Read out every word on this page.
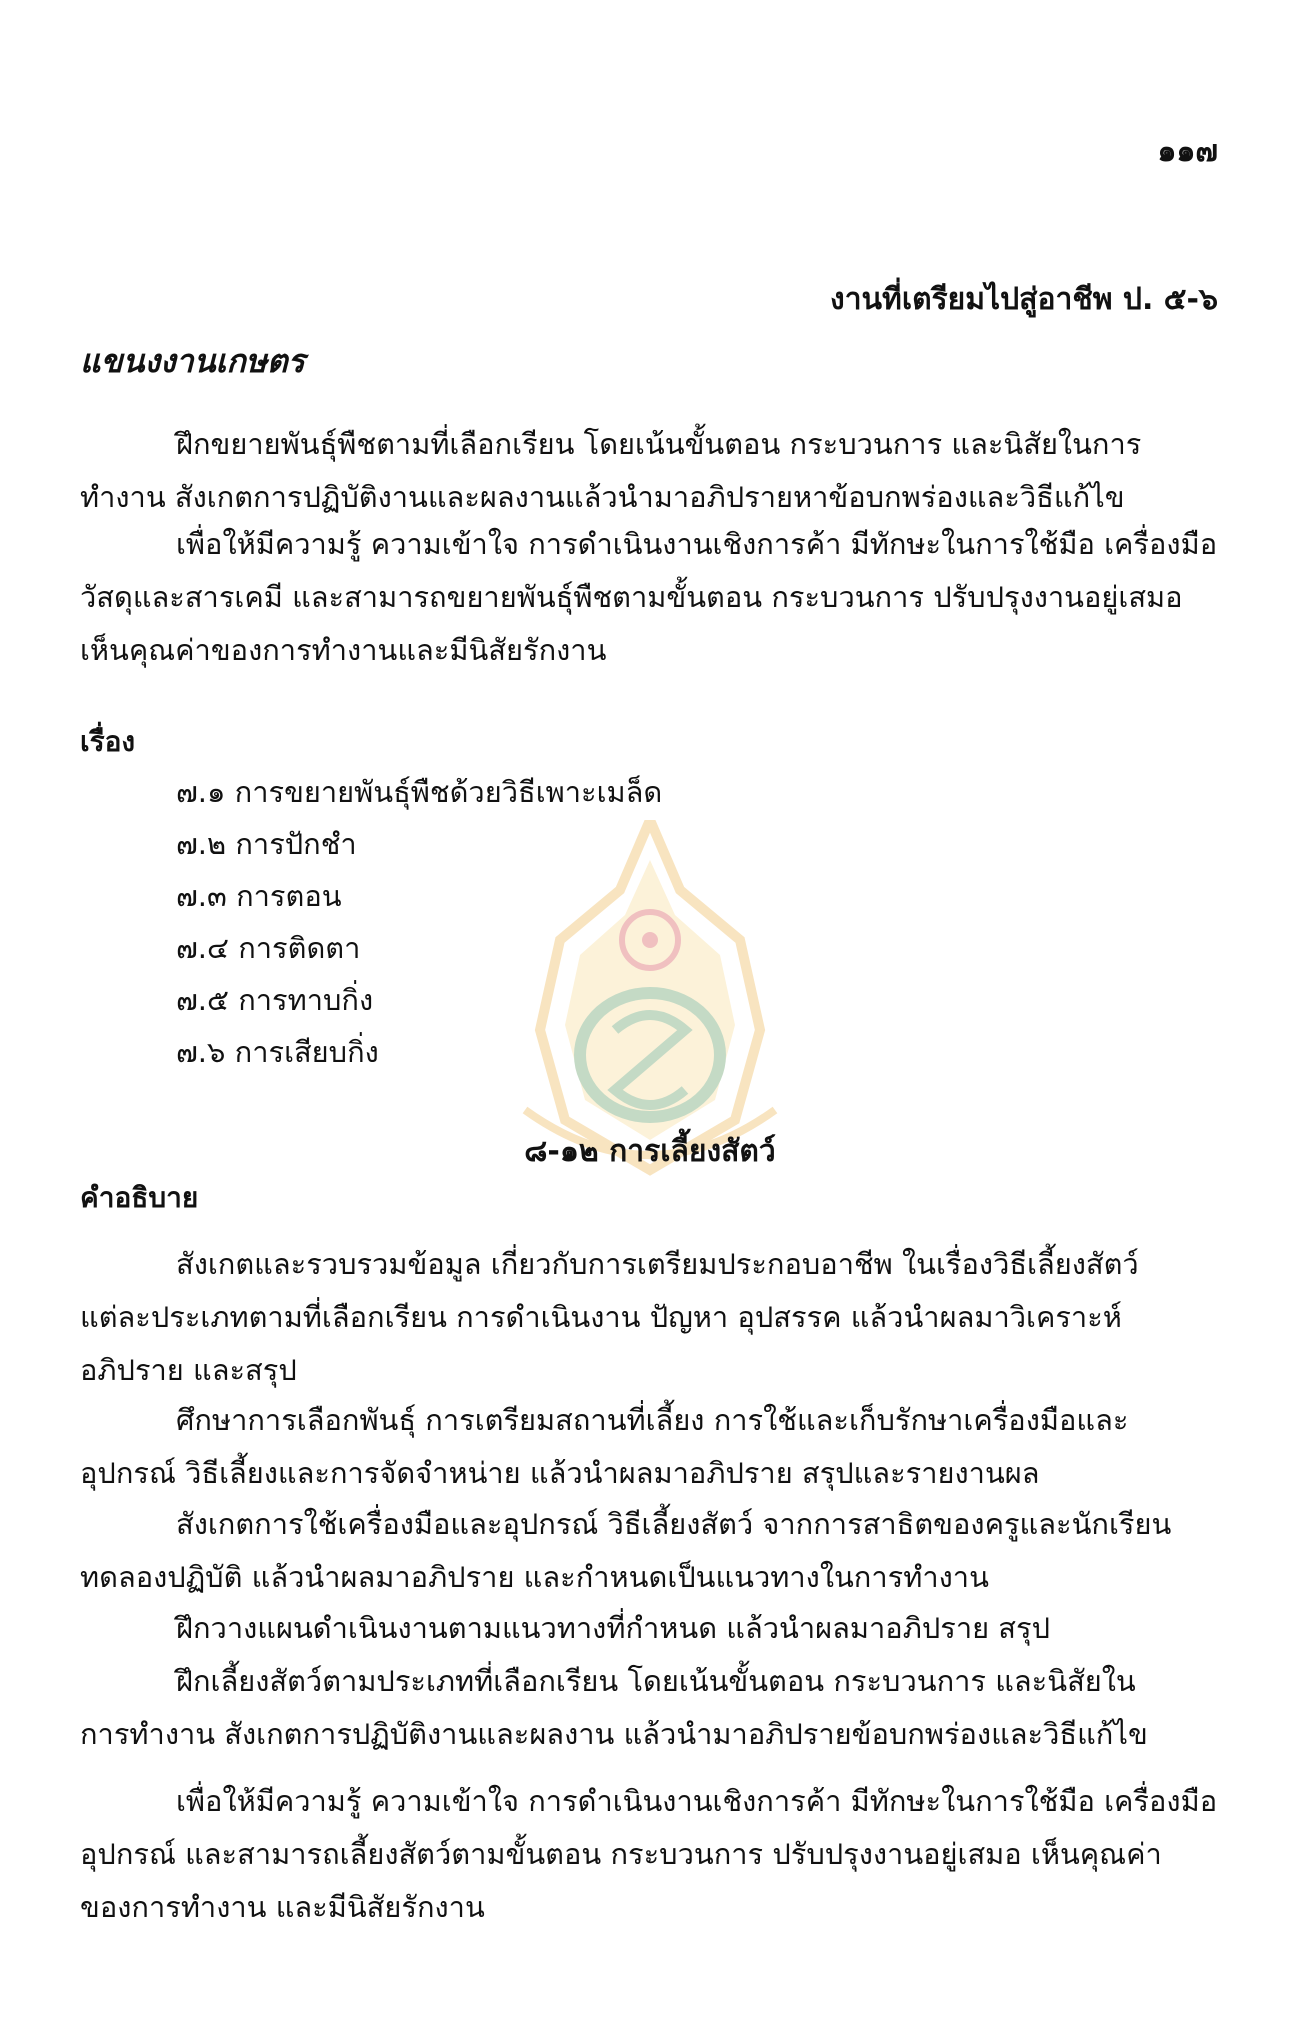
๑๑๗
งานที่เตรียมไปสู่อาชีพ ป. ๕-๖
แขนงงานเกษตร
ฝึกขยายพันธุ์พืชตามที่เลือกเรียน โดยเน้นขั้นตอน กระบวนการ และนิสัยในการ
ทำงาน สังเกตการปฏิบัติงานและผลงานแล้วนำมาอภิปรายหาข้อบกพร่องและวิธีแก้ไข
เพื่อให้มีความรู้ ความเข้าใจ การดำเนินงานเชิงการค้า มีทักษะในการใช้มือ เครื่องมือ
วัสดุและสารเคมี และสามารถขยายพันธุ์พืชตามขั้นตอน กระบวนการ ปรับปรุงงานอยู่เสมอ
เห็นคุณค่าของการทำงานและมีนิสัยรักงาน
เรื่อง
๗.๑ การขยายพันธุ์พืชด้วยวิธีเพาะเมล็ด
๗.๒ การปักชำ
๗.๓ การตอน
๗.๔ การติดตา
๗.๕ การทาบกิ่ง
๗.๖ การเสียบกิ่ง
๘-๑๒ การเลี้ยงสัตว์
คำอธิบาย
สังเกตและรวบรวมข้อมูล เกี่ยวกับการเตรียมประกอบอาชีพ ในเรื่องวิธีเลี้ยงสัตว์
แต่ละประเภทตามที่เลือกเรียน การดำเนินงาน ปัญหา อุปสรรค แล้วนำผลมาวิเคราะห์
อภิปราย และสรุป
ศึกษาการเลือกพันธุ์ การเตรียมสถานที่เลี้ยง การใช้และเก็บรักษาเครื่องมือและ
อุปกรณ์ วิธีเลี้ยงและการจัดจำหน่าย แล้วนำผลมาอภิปราย สรุปและรายงานผล
สังเกตการใช้เครื่องมือและอุปกรณ์ วิธีเลี้ยงสัตว์ จากการสาธิตของครูและนักเรียน
ทดลองปฏิบัติ แล้วนำผลมาอภิปราย และกำหนดเป็นแนวทางในการทำงาน
ฝึกวางแผนดำเนินงานตามแนวทางที่กำหนด แล้วนำผลมาอภิปราย สรุป
ฝึกเลี้ยงสัตว์ตามประเภทที่เลือกเรียน โดยเน้นขั้นตอน กระบวนการ และนิสัยใน
การทำงาน สังเกตการปฏิบัติงานและผลงาน แล้วนำมาอภิปรายข้อบกพร่องและวิธีแก้ไข
เพื่อให้มีความรู้ ความเข้าใจ การดำเนินงานเชิงการค้า มีทักษะในการใช้มือ เครื่องมือ
อุปกรณ์ และสามารถเลี้ยงสัตว์ตามขั้นตอน กระบวนการ ปรับปรุงงานอยู่เสมอ เห็นคุณค่า
ของการทำงาน และมีนิสัยรักงาน
